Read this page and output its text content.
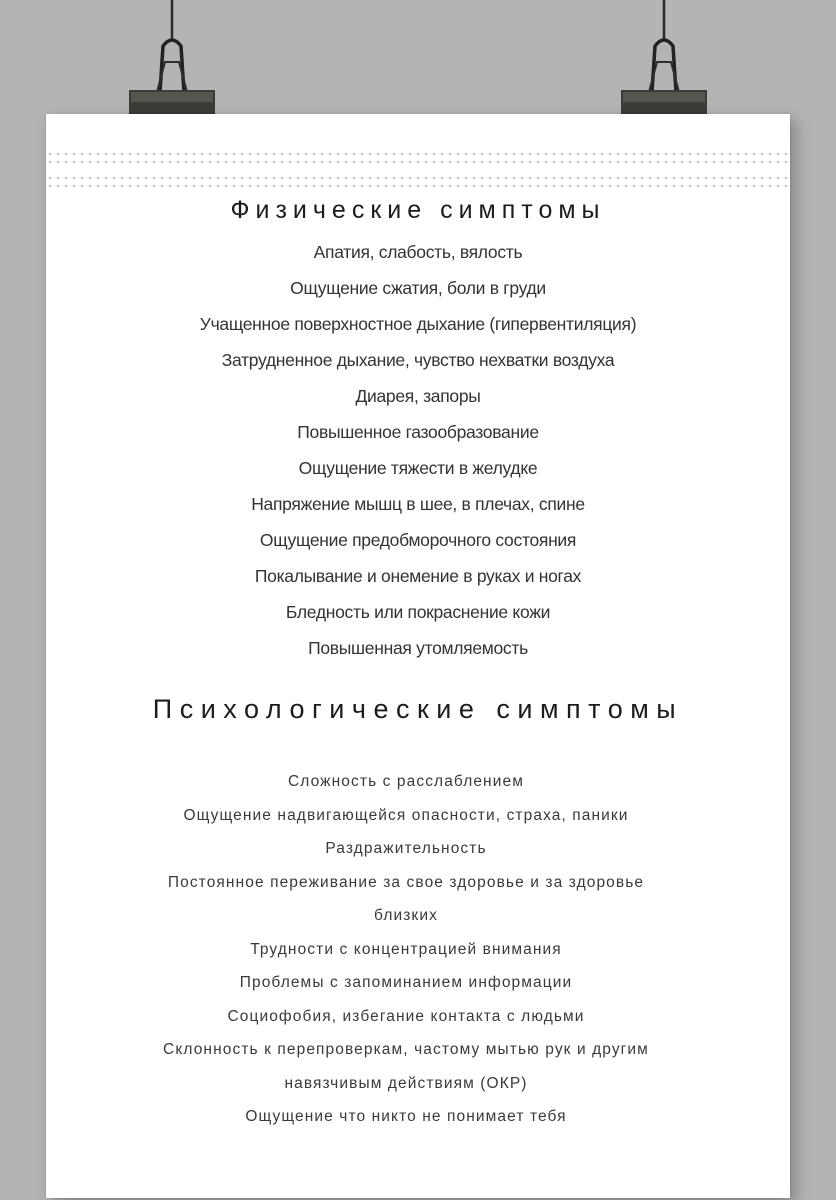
Физические симптомы
Апатия, слабость, вялость
Ощущение сжатия, боли в груди
Учащенное поверхностное дыхание (гипервентиляция)
Затрудненное дыхание, чувство нехватки воздуха
Диарея, запоры
Повышенное газообразование
Ощущение тяжести в желудке
Напряжение мышц в шее, в плечах, спине
Ощущение предобморочного состояния
Покалывание и онемение в руках и ногах
Бледность или покраснение кожи
Повышенная утомляемость
Психологические симптомы
Сложность с расслаблением
Ощущение надвигающейся опасности, страха, паники
Раздражительность
Постоянное переживание за свое здоровье и за здоровье близких
Трудности с концентрацией внимания
Проблемы с запоминанием информации
Социофобия, избегание контакта с людьми
Склонность к перепроверкам, частому мытью рук и другим навязчивым действиям (ОКР)
Ощущение что никто не понимает тебя
